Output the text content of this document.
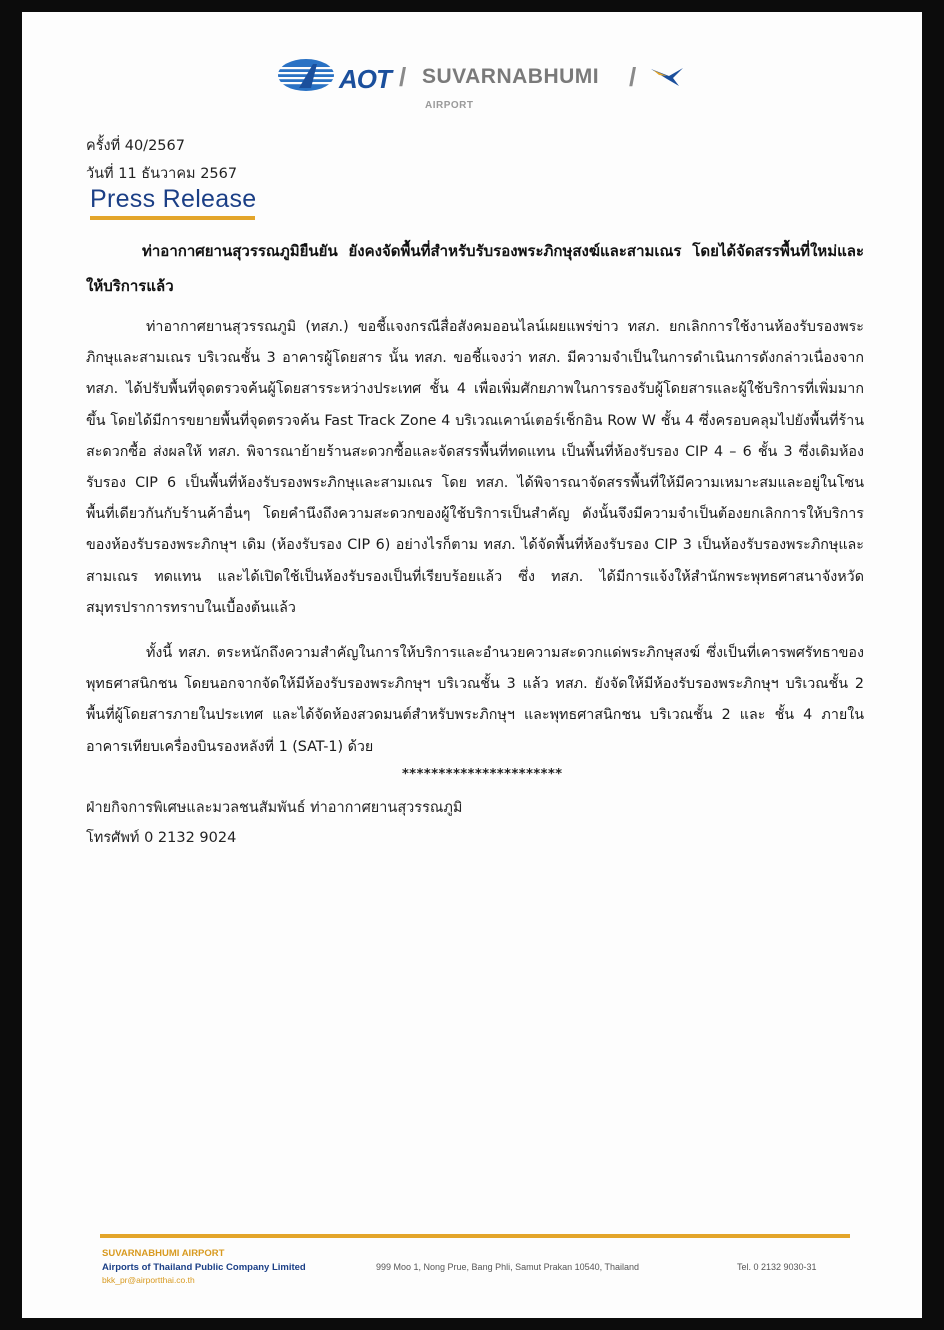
AOT / SUVARNABHUMI
AIRPORT
/
ครั้งที่ 40/2567
วันที่ 11 ธันวาคม 2567
Press Release
ท่าอากาศยานสุวรรณภูมิยืนยัน ยังคงจัดพื้นที่สำหรับรับรองพระภิกษุสงฆ์และสามเณร โดยได้จัดสรรพื้นที่ใหม่และให้บริการแล้ว
ท่าอากาศยานสุวรรณภูมิ (ทสภ.) ขอชี้แจงกรณีสื่อสังคมออนไลน์เผยแพร่ข่าว ทสภ. ยกเลิกการใช้งานห้องรับรองพระภิกษุและสามเณร บริเวณชั้น 3 อาคารผู้โดยสาร นั้น ทสภ. ขอชี้แจงว่า ทสภ. มีความจำเป็นในการดำเนินการดังกล่าวเนื่องจาก ทสภ. ได้ปรับพื้นที่จุดตรวจค้นผู้โดยสารระหว่างประเทศ ชั้น 4 เพื่อเพิ่มศักยภาพในการรองรับผู้โดยสารและผู้ใช้บริการที่เพิ่มมากขึ้น โดยได้มีการขยายพื้นที่จุดตรวจค้น Fast Track Zone 4 บริเวณเคาน์เตอร์เช็กอิน Row W ชั้น 4 ซึ่งครอบคลุมไปยังพื้นที่ร้านสะดวกซื้อ ส่งผลให้ ทสภ. พิจารณาย้ายร้านสะดวกซื้อและจัดสรรพื้นที่ทดแทน เป็นพื้นที่ห้องรับรอง CIP 4 – 6 ชั้น 3 ซึ่งเดิมห้องรับรอง CIP 6 เป็นพื้นที่ห้องรับรองพระภิกษุและสามเณร โดย ทสภ. ได้พิจารณาจัดสรรพื้นที่ให้มีความเหมาะสมและอยู่ในโซนพื้นที่เดียวกันกับร้านค้าอื่นๆ โดยคำนึงถึงความสะดวกของผู้ใช้บริการเป็นสำคัญ ดังนั้นจึงมีความจำเป็นต้องยกเลิกการให้บริการของห้องรับรองพระภิกษุฯ เดิม (ห้องรับรอง CIP 6) อย่างไรก็ตาม ทสภ. ได้จัดพื้นที่ห้องรับรอง CIP 3 เป็นห้องรับรองพระภิกษุและสามเณร ทดแทน และได้เปิดใช้เป็นห้องรับรองเป็นที่เรียบร้อยแล้ว ซึ่ง ทสภ. ได้มีการแจ้งให้สำนักพระพุทธศาสนาจังหวัดสมุทรปราการทราบในเบื้องต้นแล้ว
ทั้งนี้ ทสภ. ตระหนักถึงความสำคัญในการให้บริการและอำนวยความสะดวกแด่พระภิกษุสงฆ์ ซึ่งเป็นที่เคารพศรัทธาของพุทธศาสนิกชน โดยนอกจากจัดให้มีห้องรับรองพระภิกษุฯ บริเวณชั้น 3 แล้ว ทสภ. ยังจัดให้มีห้องรับรองพระภิกษุฯ บริเวณชั้น 2 พื้นที่ผู้โดยสารภายในประเทศ และได้จัดห้องสวดมนต์สำหรับพระภิกษุฯ และพุทธศาสนิกชน บริเวณชั้น 2 และ ชั้น 4 ภายในอาคารเทียบเครื่องบินรองหลังที่ 1 (SAT-1) ด้วย
**********************
ฝ่ายกิจการพิเศษและมวลชนสัมพันธ์ ท่าอากาศยานสุวรรณภูมิ
โทรศัพท์ 0 2132 9024
SUVARNABHUMI AIRPORT
Airports of Thailand Public Company Limited
bkk_pr@airportthai.co.th
999 Moo 1, Nong Prue, Bang Phli, Samut Prakan 10540, Thailand	Tel. 0 2132 9030-31
